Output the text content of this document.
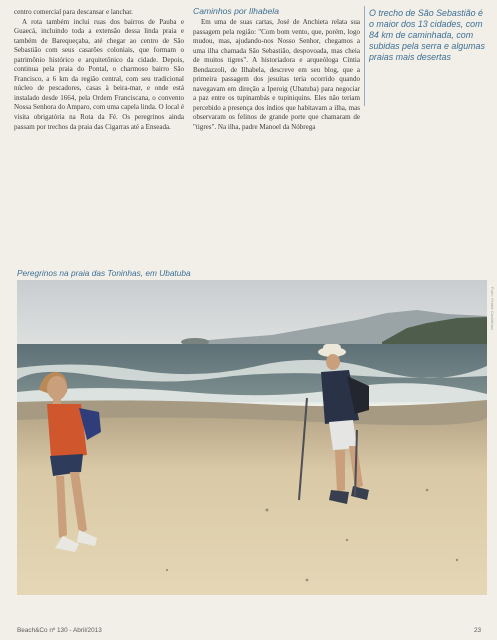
centro comercial para descansar e lanchar.

A rota também inclui ruas dos bairros de Pauba e Guaecá, incluindo toda a extensão dessa linda praia e também de Barequeçaba, até chegar ao centro de São Sebastião com seus casarões coloniais, que formam o patrimônio histórico e arquitetônico da cidade. Depois, continua pela praia do Pontal, o charmoso bairro São Francisco, a 6 km da região central, com seu tradicional núcleo de pescadores, casas à beira-mar, e onde está instalado desde 1664, pela Ordem Franciscana, o convento Nossa Senhora do Amparo, com uma capela linda. O local é visita obrigatória na Rota da Fé. Os peregrinos ainda passam por trechos da praia das Cigarras até a Enseada.

Caminhos por Ilhabela

Em uma de suas cartas, José de Anchieta relata sua passagem pela região: "Com bom vento, que, porém, logo mudou, mas, ajudando-nos Nosso Senhor, chegamos a uma ilha chamada São Sebastião, despovoada, mas cheia de muitos tigres". A historiadora e arqueóloga Cíntia Bendazzoli, de Ilhabela, descreve em seu blog, que a primeira passagem dos jesuítas teria ocorrido quando navegavam em direção a Iperoig (Ubatuba) para negociar a paz entre os tupinambás e tupiniquins. Eles não teriam percebido a presença dos índios que habitavam a ilha, mas observaram os felinos de grande porte que chamaram de "tigres". Na ilha, padre Manoel da Nóbrega

O trecho de São Sebastião é o maior dos 13 cidades, com 84 km de caminhada, com subidas pela serra e algumas praias mais desertas

Peregrinos na praia das Toninhas, em Ubatuba

Foto: Frank Castellaci
Beach&Co nº 130 - Abril/2013	23
